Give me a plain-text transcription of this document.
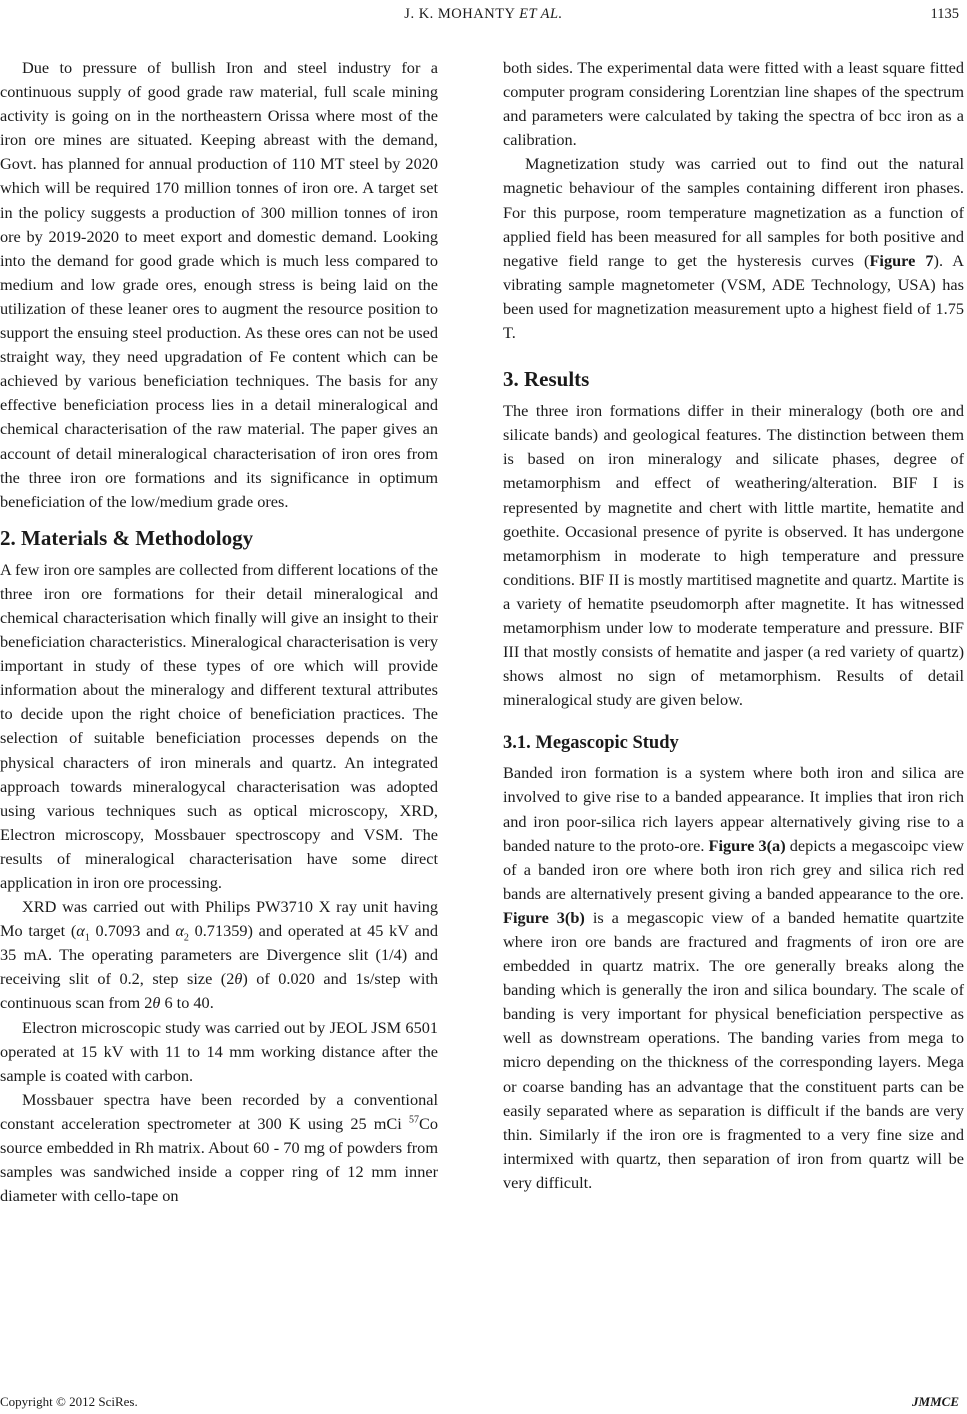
J. K. MOHANTY ET AL.	1135

Due to pressure of bullish Iron and steel industry for a continuous supply of good grade raw material, full scale mining activity is going on in the northeastern Orissa where most of the iron ore mines are situated. Keeping abreast with the demand, Govt. has planned for annual production of 110 MT steel by 2020 which will be required 170 million tonnes of iron ore. A target set in the policy suggests a production of 300 million tonnes of iron ore by 2019-2020 to meet export and domestic demand. Looking into the demand for good grade which is much less compared to medium and low grade ores, enough stress is being laid on the utilization of these leaner ores to augment the resource position to support the ensuing steel production. As these ores can not be used straight way, they need upgradation of Fe content which can be achieved by various beneficiation techniques. The basis for any effective beneficiation process lies in a detail mineralogical and chemical characterisation of the raw material. The paper gives an account of detail mineralogical characterisation of iron ores from the three iron ore formations and its significance in optimum beneficiation of the low/medium grade ores.

2. Materials & Methodology

A few iron ore samples are collected from different locations of the three iron ore formations for their detail mineralogical and chemical characterisation which finally will give an insight to their beneficiation characteristics. Mineralogical characterisation is very important in study of these types of ore which will provide information about the mineralogy and different textural attributes to decide upon the right choice of beneficiation practices. The selection of suitable beneficiation processes depends on the physical characters of iron minerals and quartz. An integrated approach towards mineralogycal characterisation was adopted using various techniques such as optical microscopy, XRD, Electron microscopy, Mossbauer spectroscopy and VSM. The results of mineralogical characterisation have some direct application in iron ore processing.

XRD was carried out with Philips PW3710 X ray unit having Mo target ($\alpha_1$ 0.7093 and $\alpha_2$ 0.71359) and operated at 45 kV and 35 mA. The operating parameters are Divergence slit (1/4) and receiving slit of 0.2, step size (2θ) of 0.020 and 1s/step with continuous scan from 2θ 6 to 40.

Electron microscopic study was carried out by JEOL JSM 6501 operated at 15 kV with 11 to 14 mm working distance after the sample is coated with carbon.

Mossbauer spectra have been recorded by a conventional constant acceleration spectrometer at 300 K using 25 mCi $^{57}$Co source embedded in Rh matrix. About 60 - 70 mg of powders from samples was sandwiched inside a copper ring of 12 mm inner diameter with cello-tape on

both sides. The experimental data were fitted with a least square fitted computer program considering Lorentzian line shapes of the spectrum and parameters were calculated by taking the spectra of bcc iron as a calibration.

Magnetization study was carried out to find out the natural magnetic behaviour of the samples containing different iron phases. For this purpose, room temperature magnetization as a function of applied field has been measured for all samples for both positive and negative field range to get the hysteresis curves (Figure 7). A vibrating sample magnetometer (VSM, ADE Technology, USA) has been used for magnetization measurement upto a highest field of 1.75 T.

3. Results

The three iron formations differ in their mineralogy (both ore and silicate bands) and geological features. The distinction between them is based on iron mineralogy and silicate phases, degree of metamorphism and effect of weathering/alteration. BIF I is represented by magnetite and chert with little martite, hematite and goethite. Occasional presence of pyrite is observed. It has undergone metamorphism in moderate to high temperature and pressure conditions. BIF II is mostly martitised magnetite and quartz. Martite is a variety of hematite pseudomorph after magnetite. It has witnessed metamorphism under low to moderate temperature and pressure. BIF III that mostly consists of hematite and jasper (a red variety of quartz) shows almost no sign of metamorphism. Results of detail mineralogical study are given below.

3.1. Megascopic Study

Banded iron formation is a system where both iron and silica are involved to give rise to a banded appearance. It implies that iron rich and iron poor-silica rich layers appear alternatively giving rise to a banded nature to the proto-ore. Figure 3(a) depicts a megascoipc view of a banded iron ore where both iron rich grey and silica rich red bands are alternatively present giving a banded appearance to the ore. Figure 3(b) is a megascopic view of a banded hematite quartzite where iron ore bands are fractured and fragments of iron ore are embedded in quartz matrix. The ore generally breaks along the banding which is generally the iron and silica boundary. The scale of banding is very important for physical beneficiation perspective as well as downstream operations. The banding varies from mega to micro depending on the thickness of the corresponding layers. Mega or coarse banding has an advantage that the constituent parts can be easily separated where as separation is difficult if the bands are very thin. Similarly if the iron ore is fragmented to a very fine size and intermixed with quartz, then separation of iron from quartz will be very difficult.

Copyright © 2012 SciRes.	JMMCE
